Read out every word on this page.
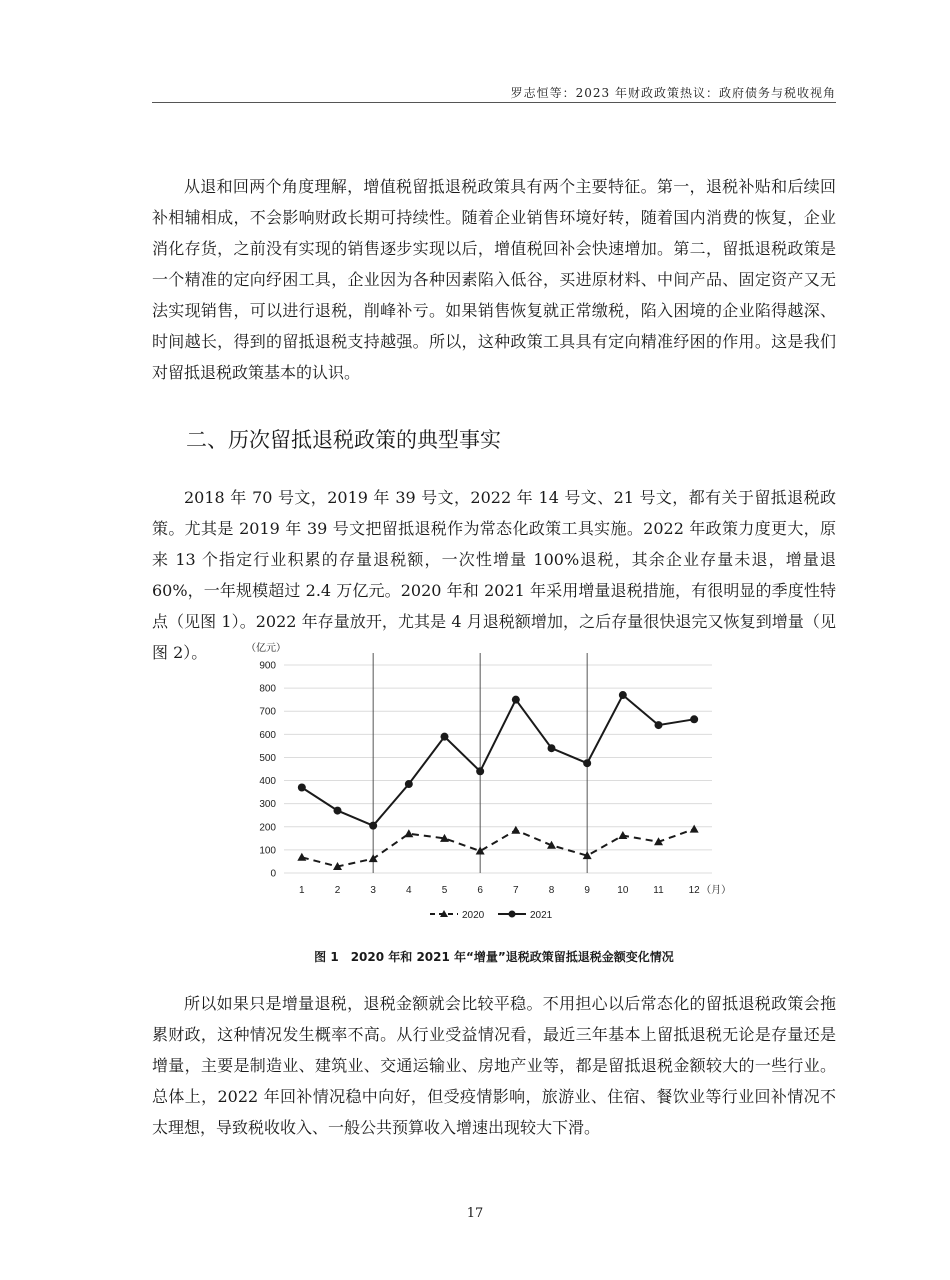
罗志恒等：2023 年财政政策热议：政府债务与税收视角

从退和回两个角度理解，增值税留抵退税政策具有两个主要特征。第一，退税补贴和后续回补相辅相成，不会影响财政长期可持续性。随着企业销售环境好转，随着国内消费的恢复，企业消化存货，之前没有实现的销售逐步实现以后，增值税回补会快速增加。第二，留抵退税政策是一个精准的定向纾困工具，企业因为各种因素陷入低谷，买进原材料、中间产品、固定资产又无法实现销售，可以进行退税，削峰补亏。如果销售恢复就正常缴税，陷入困境的企业陷得越深、时间越长，得到的留抵退税支持越强。所以，这种政策工具具有定向精准纾困的作用。这是我们对留抵退税政策基本的认识。

二、历次留抵退税政策的典型事实

2018 年 70 号文，2019 年 39 号文，2022 年 14 号文、21 号文，都有关于留抵退税政策。尤其是 2019 年 39 号文把留抵退税作为常态化政策工具实施。2022 年政策力度更大，原来 13 个指定行业积累的存量退税额，一次性增量 100%退税，其余企业存量未退，增量退 60%，一年规模超过 2.4 万亿元。2020 年和 2021 年采用增量退税措施，有很明显的季度性特点（见图 1）。2022 年存量放开，尤其是 4 月退税额增加，之后存量很快退完又恢复到增量（见图 2）。

0
100
200
300
400
500
600
700
800
900
（亿元）
1	2	3	4	5	6	7	8	9	10 11 12 （月）
2020	2021
图 1　2020 年和 2021 年“增量”退税政策留抵退税金额变化情况

所以如果只是增量退税，退税金额就会比较平稳。不用担心以后常态化的留抵退税政策会拖累财政，这种情况发生概率不高。从行业受益情况看，最近三年基本上留抵退税无论是存量还是增量，主要是制造业、建筑业、交通运输业、房地产业等，都是留抵退税金额较大的一些行业。总体上，2022 年回补情况稳中向好，但受疫情影响，旅游业、住宿、餐饮业等行业回补情况不太理想，导致税收收入、一般公共预算收入增速出现较大下滑。

17
